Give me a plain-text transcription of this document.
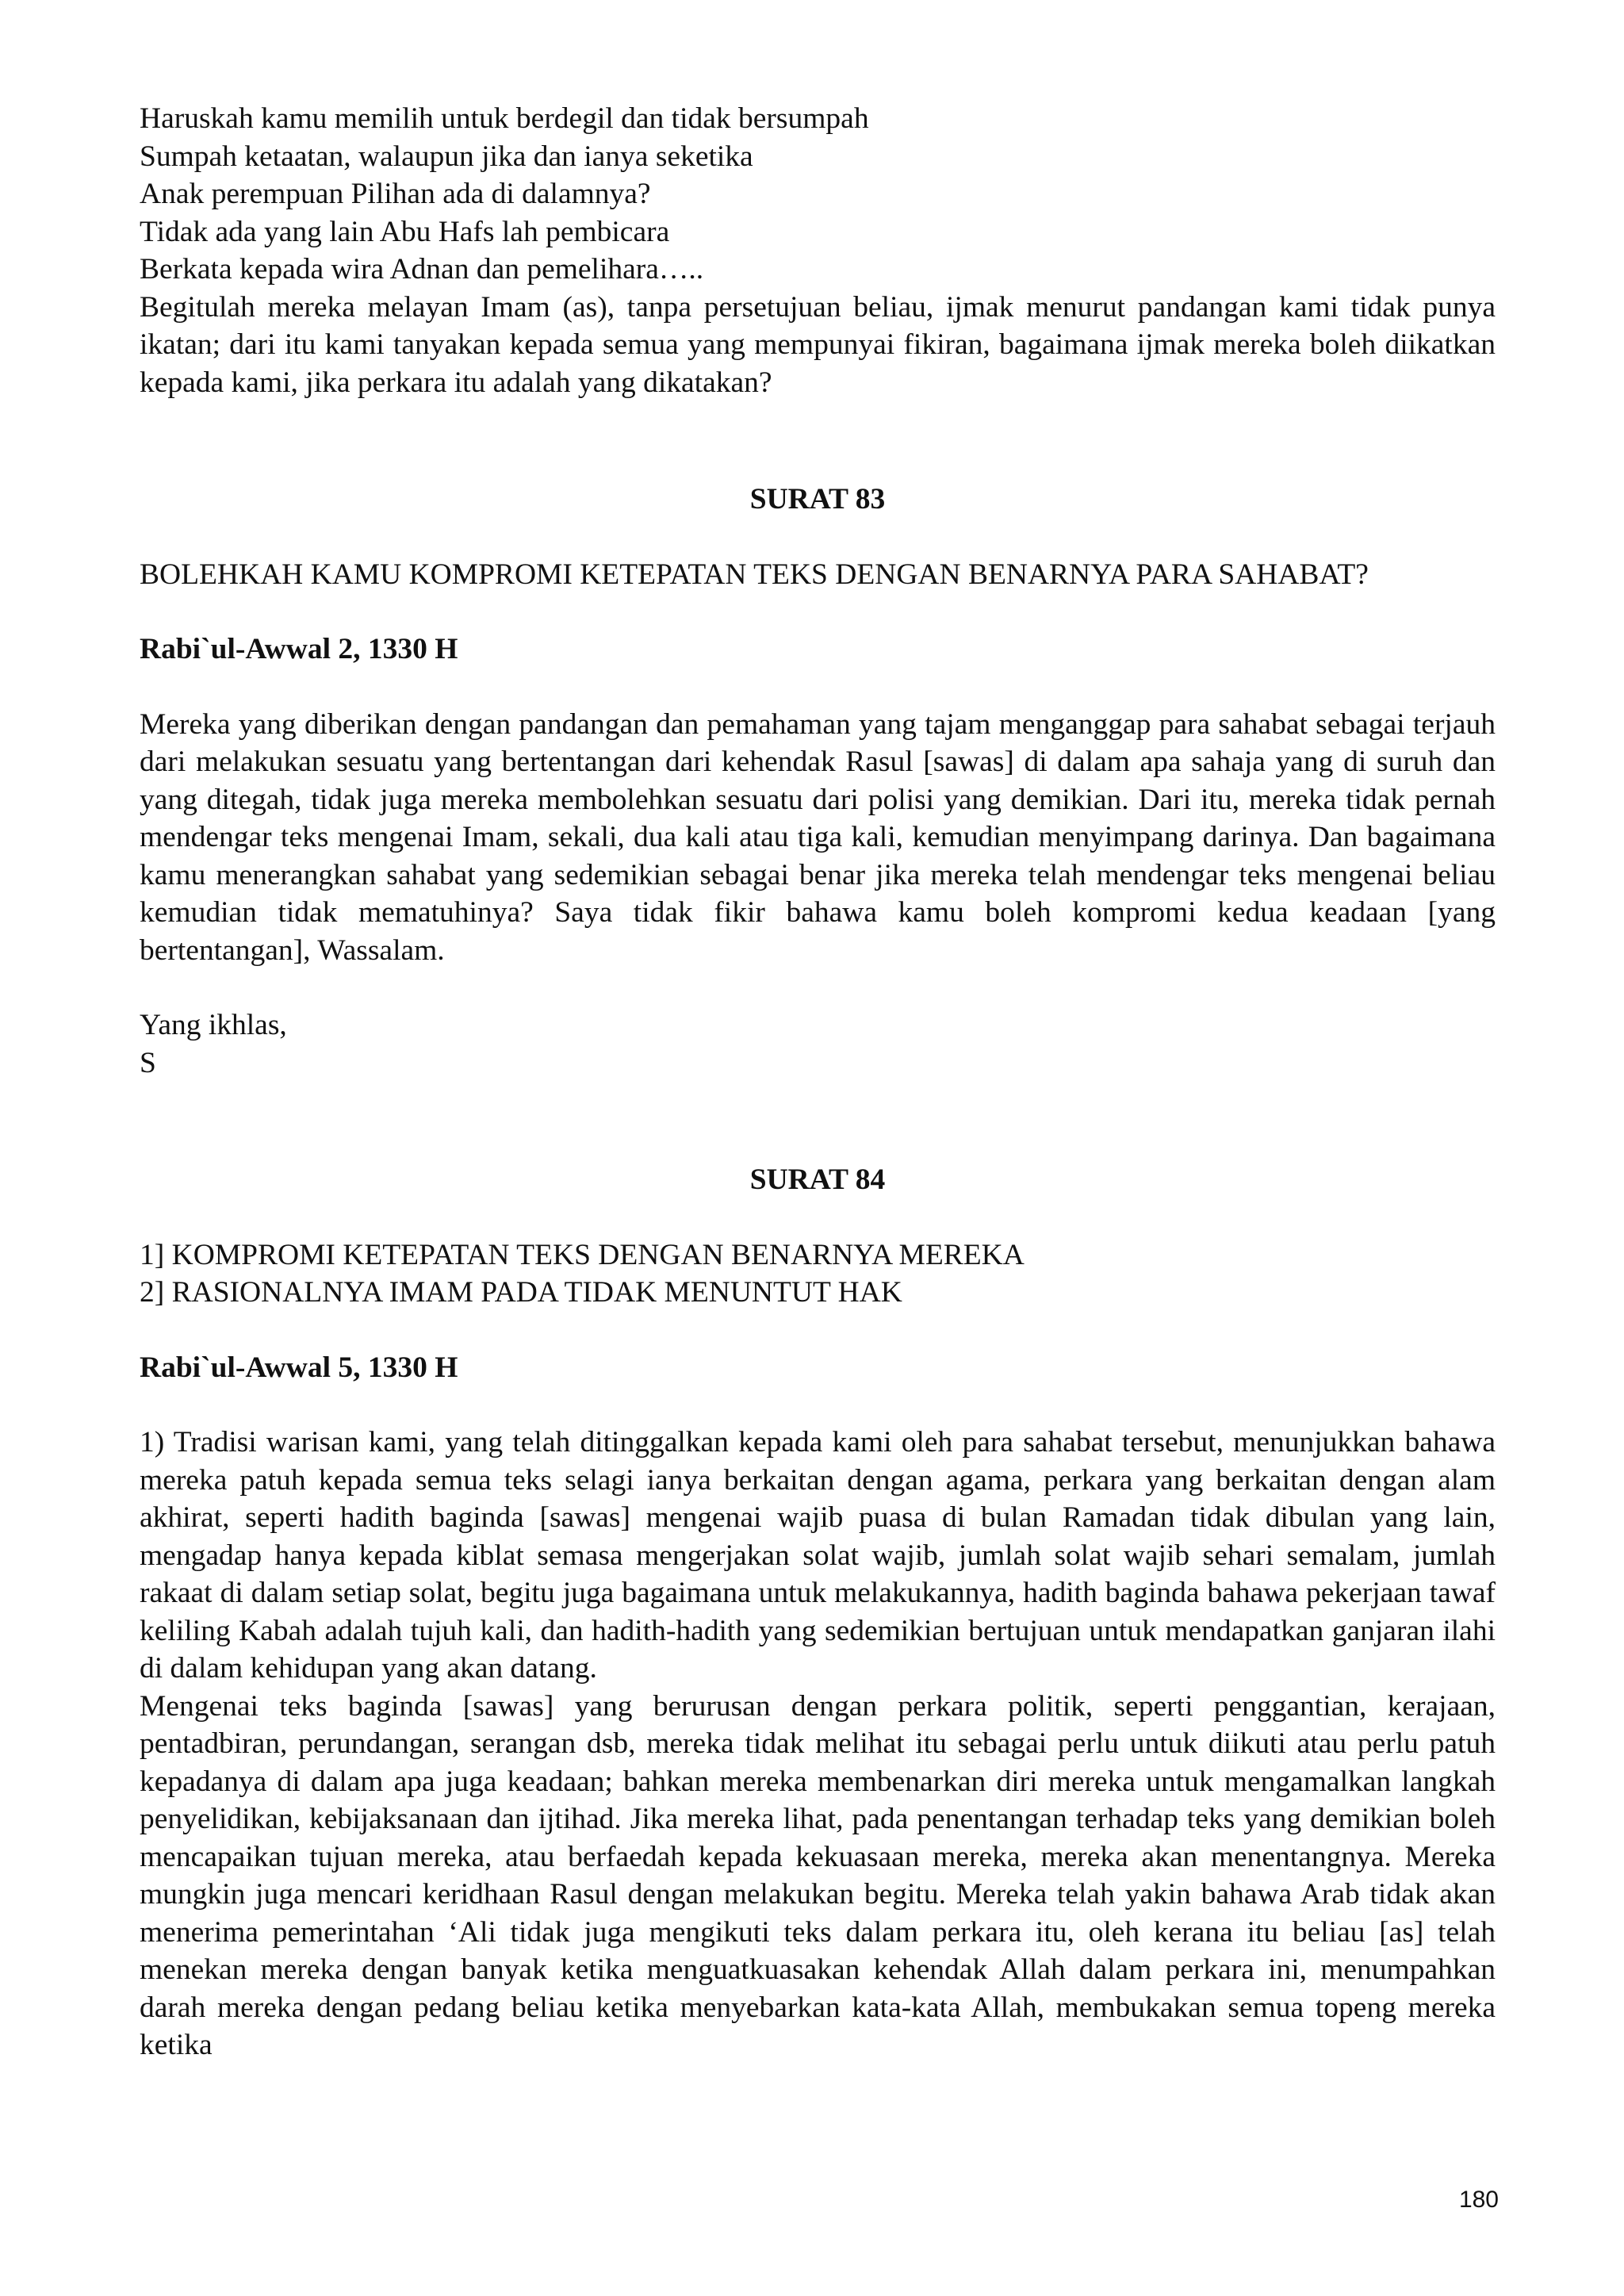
Haruskah kamu memilih untuk berdegil dan tidak bersumpah
Sumpah ketaatan, walaupun jika dan ianya seketika
Anak perempuan Pilihan ada di dalamnya?
Tidak ada yang lain Abu Hafs lah pembicara
Berkata kepada wira Adnan dan pemelihara…..

Begitulah mereka melayan Imam (as), tanpa persetujuan beliau, ijmak menurut pandangan kami tidak punya ikatan; dari itu kami tanyakan kepada semua yang mempunyai fikiran, bagaimana ijmak mereka boleh diikatkan kepada kami, jika perkara itu adalah yang dikatakan?

SURAT 83

BOLEHKAH KAMU KOMPROMI KETEPATAN TEKS DENGAN BENARNYA PARA SAHABAT?

Rabi`ul-Awwal 2, 1330 H

Mereka yang diberikan dengan pandangan dan pemahaman yang tajam menganggap para sahabat sebagai terjauh dari melakukan sesuatu yang bertentangan dari kehendak Rasul [sawas] di dalam apa sahaja yang di suruh dan yang ditegah, tidak juga mereka membolehkan sesuatu dari polisi yang demikian. Dari itu, mereka tidak pernah mendengar teks mengenai Imam, sekali, dua kali atau tiga kali, kemudian menyimpang darinya. Dan bagaimana kamu menerangkan sahabat yang sedemikian sebagai benar jika mereka telah mendengar teks mengenai beliau kemudian tidak mematuhinya? Saya tidak fikir bahawa kamu boleh kompromi kedua keadaan [yang bertentangan], Wassalam.

Yang ikhlas,

S

SURAT 84

1] KOMPROMI KETEPATAN TEKS DENGAN BENARNYA MEREKA
2] RASIONALNYA IMAM PADA TIDAK MENUNTUT HAK

Rabi`ul-Awwal 5, 1330 H

1) Tradisi warisan kami, yang telah ditinggalkan kepada kami oleh para sahabat tersebut, menunjukkan bahawa mereka patuh kepada semua teks selagi ianya berkaitan dengan agama, perkara yang berkaitan dengan alam akhirat, seperti hadith baginda [sawas] mengenai wajib puasa di bulan Ramadan tidak dibulan yang lain, mengadap hanya kepada kiblat semasa mengerjakan solat wajib, jumlah solat wajib sehari semalam, jumlah rakaat di dalam setiap solat, begitu juga bagaimana untuk melakukannya, hadith baginda bahawa pekerjaan tawaf keliling Kabah adalah tujuh kali, dan hadith-hadith yang sedemikian bertujuan untuk mendapatkan ganjaran ilahi di dalam kehidupan yang akan datang.

Mengenai teks baginda [sawas] yang berurusan dengan perkara politik, seperti penggantian, kerajaan, pentadbiran, perundangan, serangan dsb, mereka tidak melihat itu sebagai perlu untuk diikuti atau perlu patuh kepadanya di dalam apa juga keadaan; bahkan mereka membenarkan diri mereka untuk mengamalkan langkah penyelidikan, kebijaksanaan dan ijtihad. Jika mereka lihat, pada penentangan terhadap teks yang demikian boleh mencapaikan tujuan mereka, atau berfaedah kepada kekuasaan mereka, mereka akan menentangnya. Mereka mungkin juga mencari keridhaan Rasul dengan melakukan begitu. Mereka telah yakin bahawa Arab tidak akan menerima pemerintahan ‘Ali tidak juga mengikuti teks dalam perkara itu, oleh kerana itu beliau [as] telah menekan mereka dengan banyak ketika menguatkuasakan kehendak Allah dalam perkara ini, menumpahkan darah mereka dengan pedang beliau ketika menyebarkan kata-kata Allah, membukakan semua topeng mereka ketika

180
